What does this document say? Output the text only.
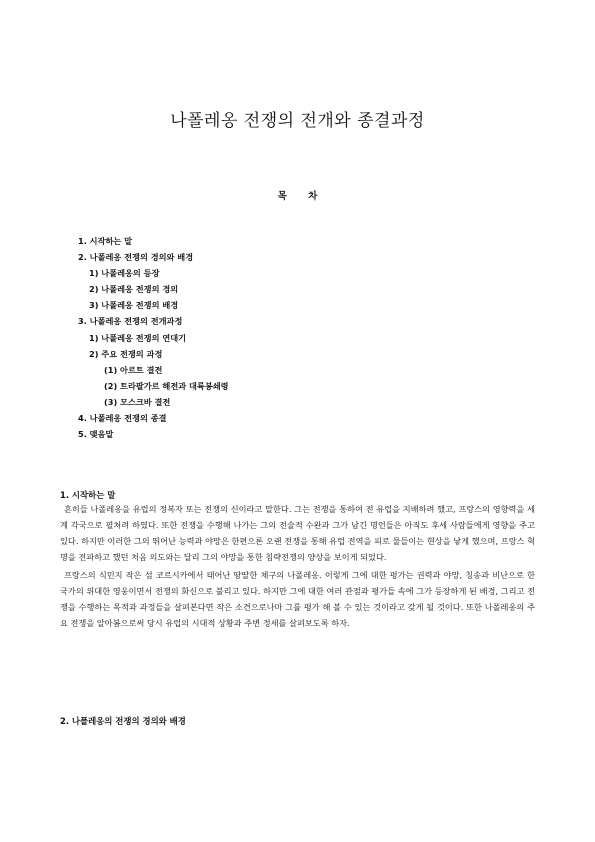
나폴레옹 전쟁의 전개와 종결과정
목 차
1. 시작하는 말
2. 나폴레옹 전쟁의 경의와 배경
1) 나폴레옹의 등장
2) 나폴레옹 전쟁의 경의
3) 나폴레옹 전쟁의 배경
3. 나폴레옹 전쟁의 전개과정
1) 나폴레옹 전쟁의 연대기
2) 주요 전쟁의 과정
(1) 아르트 결전
(2) 트라팔가르 해전과 대륙봉쇄령
(3) 모스크바 결전
4. 나폴레옹 전쟁의 종결
5. 맺음말
1. 시작하는 말
흔히들 나폴레옹을 유럽의 정복자 또는 전쟁의 신이라고 말한다. 그는 전쟁을 통하여 전 유럽을 지배하려 했고, 프랑스의 영향력을 세계 각국으로 펼쳐려 하였다. 또한 전쟁을 수행해 나가는 그의 전술적 수완과 그가 남긴 명언들은 아직도 후세 사람들에게 영향을 주고 있다. 하지만 이러한 그의 뛰어난 능력과 야망은 한편으론 오랜 전쟁을 통해 유럽 전역을 피로 물들이는 현상을 낳게 했으며, 프랑스 혁명을 전파하고 했던 처음 의도와는 달리 그의 야망을 통한 침략전쟁의 양상을 보이게 되었다.
프랑스의 식민지 작은 섬 코르시카에서 태어난 땅딸한 체구의 나폴레옹. 이렇게 그에 대한 평가는 권력과 야망, 칭송과 비난으로 한 국가의 위대한 영웅이면서 전쟁의 화신으로 불리고 있다. 하지만 그에 대한 여러 관점과 평가들 속에 그가 등장하게 된 배경, 그리고 전쟁을 수행하는 목적과 과정들을 살펴본다면 작은 소견으로나마 그를 평가 해 볼 수 있는 것이라고 갖게 될 것이다. 또한 나폴레옹의 주요 전쟁을 알아봄으로써 당시 유럽의 시대적 상황과 주변 정세를 살펴보도록 하자.
2. 나폴레옹의 전쟁의 경의와 배경
